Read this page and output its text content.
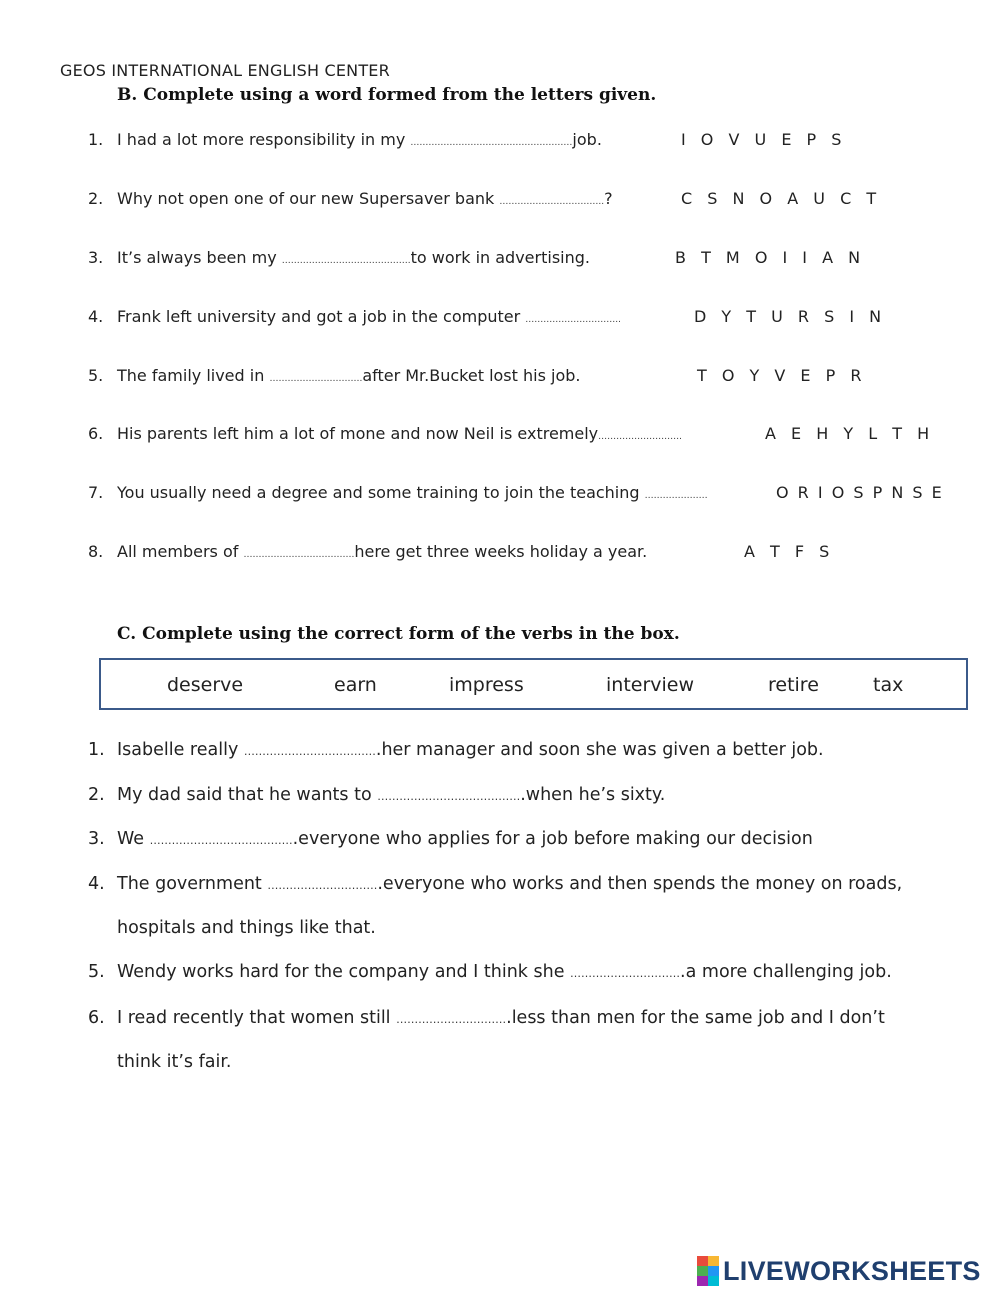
GEOS INTERNATIONAL ENGLISH CENTER
B. Complete using a word formed from the letters given.
1. I had a lot more responsibility in my ………………………………………………job.	I O V U E P S
2. Why not open one of our new Supersaver bank ……………………………..?	C S N O A U C T
3. It’s always been my …………………………………….to work in advertising.	B T M O I I A N
4. Frank left university and got a job in the computer …………………………..	D Y T U R S I N
5. The family lived in ………………………….after Mr.Bucket lost his job.	T O Y V E P R
6. His parents left him a lot of mone and now Neil is extremely……………………….	A E H Y L T H
7. You usually need a degree and some training to join the teaching …………………	O R I O S P N S E
8. All members of ……………………………….here get three weeks holiday a year.	A T F S
C. Complete using the correct form of the verbs in the box.
deserve	earn	impress	interview	retire	tax
1. Isabelle really ……………………………….her manager and soon she was given a better job.
2. My dad said that he wants to ………………………………….when he’s sixty.
3. We ………………………………….everyone who applies for a job before making our decision
4. The government ………………………….everyone who works and then spends the money on roads,
hospitals and things like that.
5. Wendy works hard for the company and I think she ………………………….a more challenging job.
6. I read recently that women still ………………………….less than men for the same job and I don’t
think it’s fair.
LIVEWORKSHEETS
